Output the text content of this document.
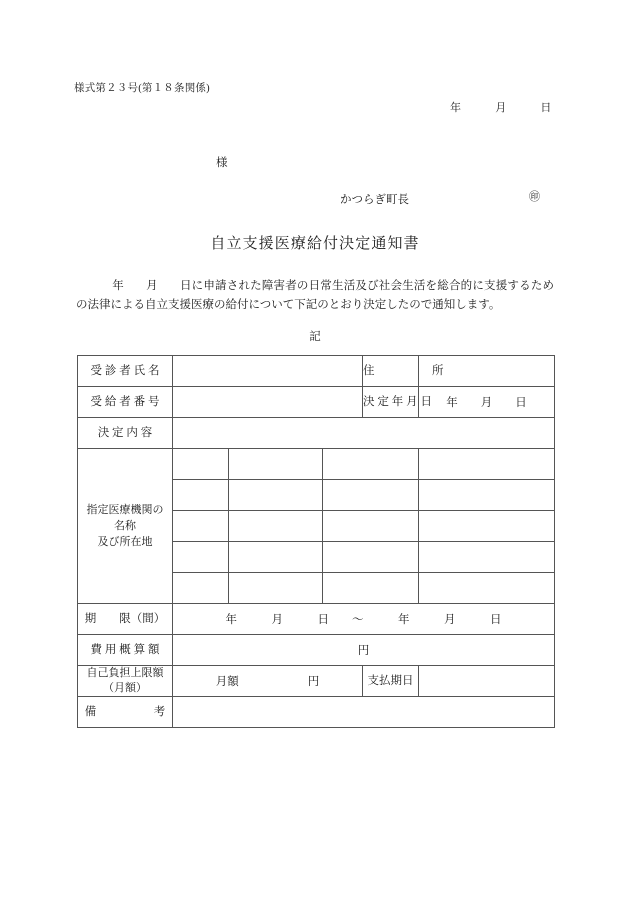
様式第２３号(第１８条関係)
年　　　月　　　日
様
かつらぎ町長	㊞
自立支援医療給付決定通知書
年 月 日に申請された障害者の日常生活及び社会生活を総合的に支援するための法律による自立支援医療の給付について下記のとおり決定したので通知します。
記
受 診 者 氏 名				住　　　　　所	
受 給 者 番 号				決 定 年 月 日	年　　月　　日
決 定 内 容					

指定医療機関の
名称
及び所在地					

期　　限（間）	年　　　月　　　日　　〜　　　年　　　月　　　日				
費 用 概 算 額	円				

自己負担上限額
（月額）	月額　　　　　　円			支払期日	
備　　　　　考					
